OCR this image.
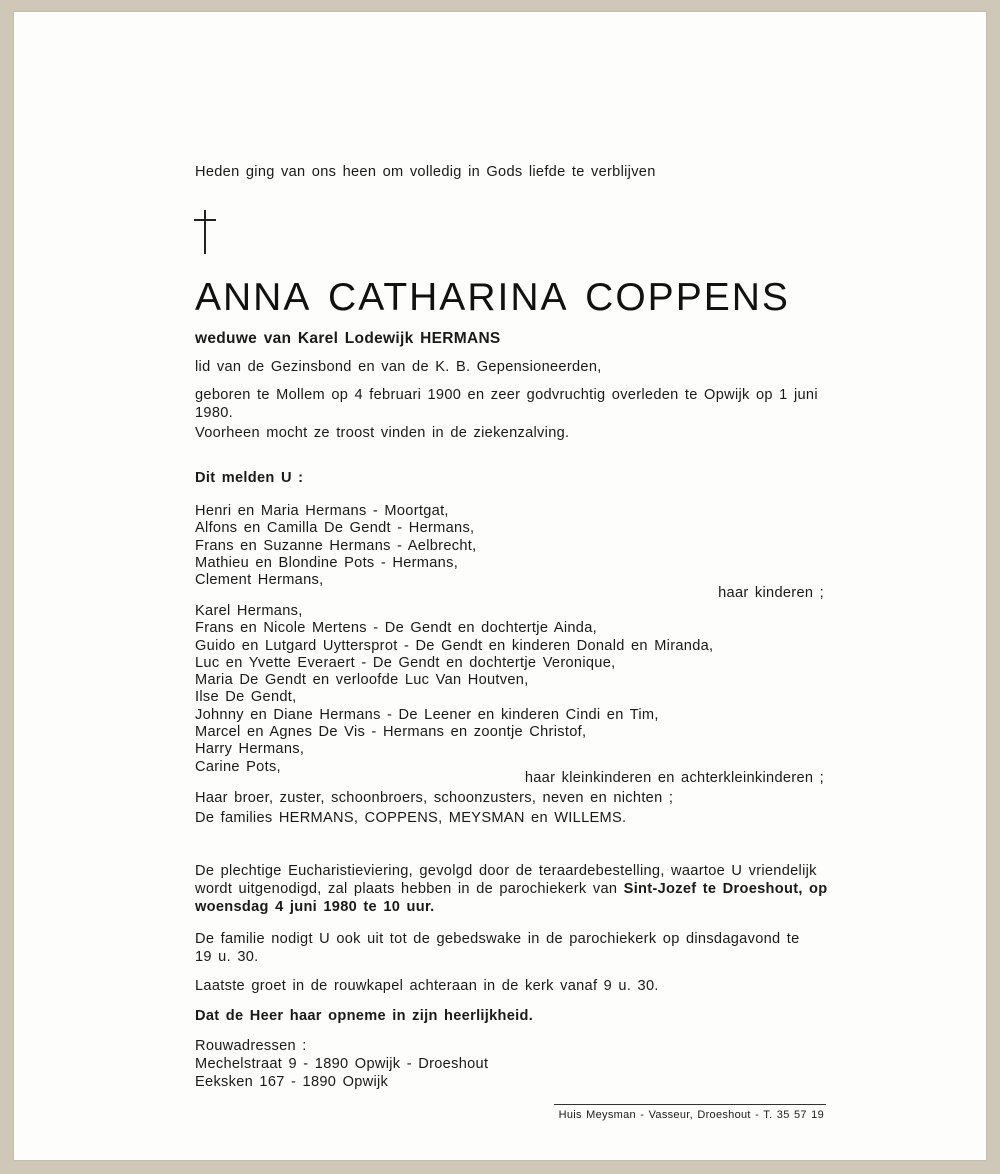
Heden ging van ons heen om volledig in Gods liefde te verblijven
ANNA CATHARINA COPPENS
weduwe van Karel Lodewijk HERMANS
lid van de Gezinsbond en van de K. B. Gepensioneerden,
geboren te Mollem op 4 februari 1900 en zeer godvruchtig overleden te Opwijk op 1 juni
1980.
Voorheen mocht ze troost vinden in de ziekenzalving.
Dit melden U :
Henri en Maria Hermans - Moortgat,
Alfons en Camilla De Gendt - Hermans,
Frans en Suzanne Hermans - Aelbrecht,
Mathieu en Blondine Pots - Hermans,
Clement Hermans,
haar kinderen ;
Karel Hermans,
Frans en Nicole Mertens - De Gendt en dochtertje Ainda,
Guido en Lutgard Uyttersprot - De Gendt en kinderen Donald en Miranda,
Luc en Yvette Everaert - De Gendt en dochtertje Veronique,
Maria De Gendt en verloofde Luc Van Houtven,
Ilse De Gendt,
Johnny en Diane Hermans - De Leener en kinderen Cindi en Tim,
Marcel en Agnes De Vis - Hermans en zoontje Christof,
Harry Hermans,
Carine Pots,
haar kleinkinderen en achterkleinkinderen ;
Haar broer, zuster, schoonbroers, schoonzusters, neven en nichten ;
De families HERMANS, COPPENS, MEYSMAN en WILLEMS.
De plechtige Eucharistieviering, gevolgd door de teraardebestelling, waartoe U vriendelijk
wordt uitgenodigd, zal plaats hebben in de parochiekerk van Sint-Jozef te Droeshout, op
woensdag 4 juni 1980 te 10 uur.
De familie nodigt U ook uit tot de gebedswake in de parochiekerk op dinsdagavond te
19 u. 30.
Laatste groet in de rouwkapel achteraan in de kerk vanaf 9 u. 30.
Dat de Heer haar opneme in zijn heerlijkheid.
Rouwadressen :
Mechelstraat 9 - 1890 Opwijk - Droeshout
Eeksken 167 - 1890 Opwijk
Huis Meysman - Vasseur, Droeshout - T. 35 57 19
